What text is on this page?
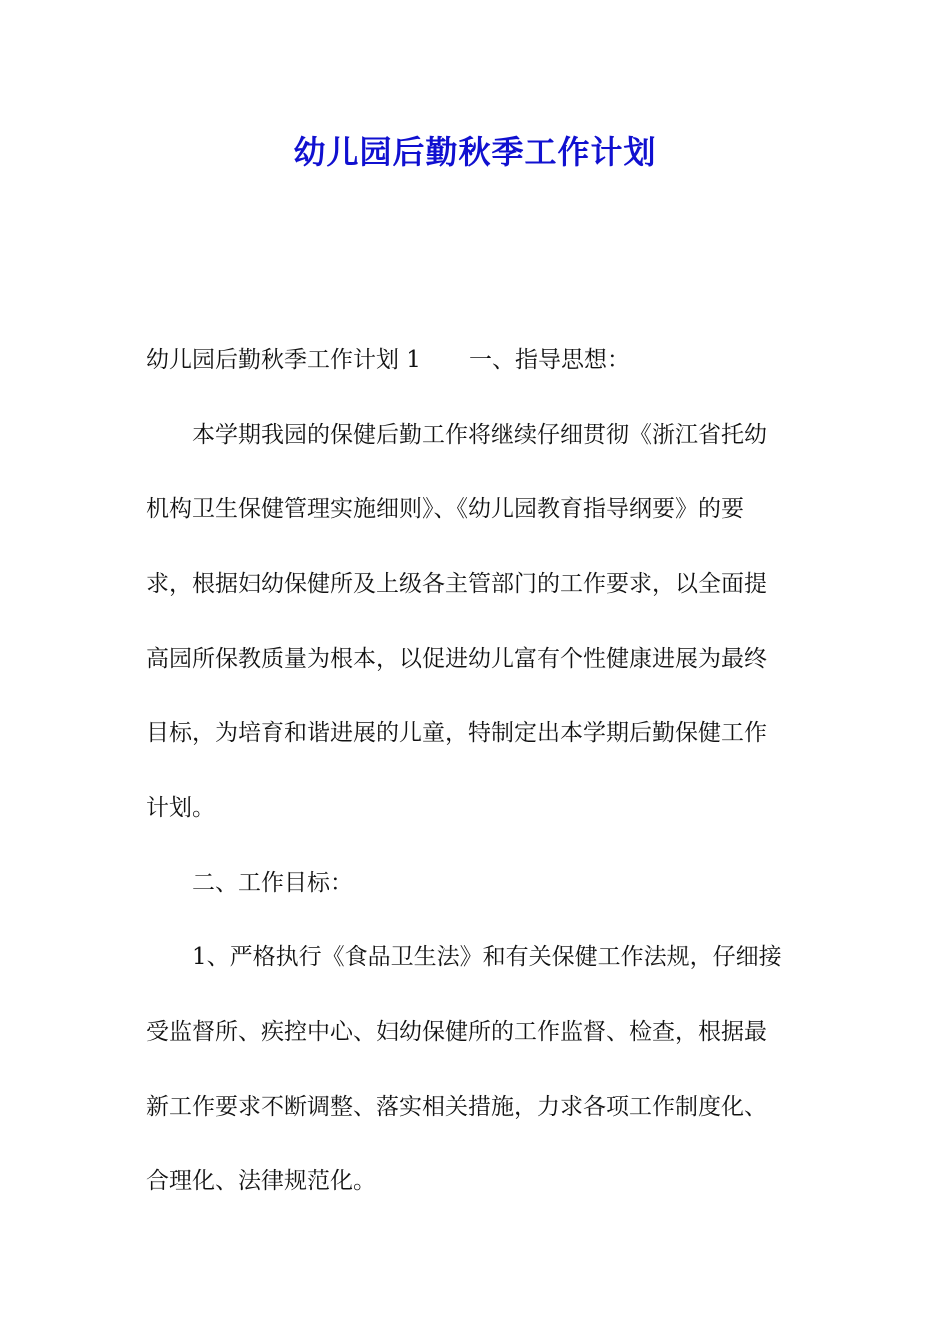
幼儿园后勤秋季工作计划

幼儿园后勤秋季工作计划 1 一、指导思想：

本学期我园的保健后勤工作将继续仔细贯彻《浙江省托幼

机构卫生保健管理实施细则》、《幼儿园教育指导纲要》的要

求，根据妇幼保健所及上级各主管部门的工作要求，以全面提

高园所保教质量为根本，以促进幼儿富有个性健康进展为最终

目标，为培育和谐进展的儿童，特制定出本学期后勤保健工作

计划。

二、工作目标：

1、严格执行《食品卫生法》和有关保健工作法规，仔细接

受监督所、疾控中心、妇幼保健所的工作监督、检查，根据最

新工作要求不断调整、落实相关措施，力求各项工作制度化、

合理化、法律规范化。
